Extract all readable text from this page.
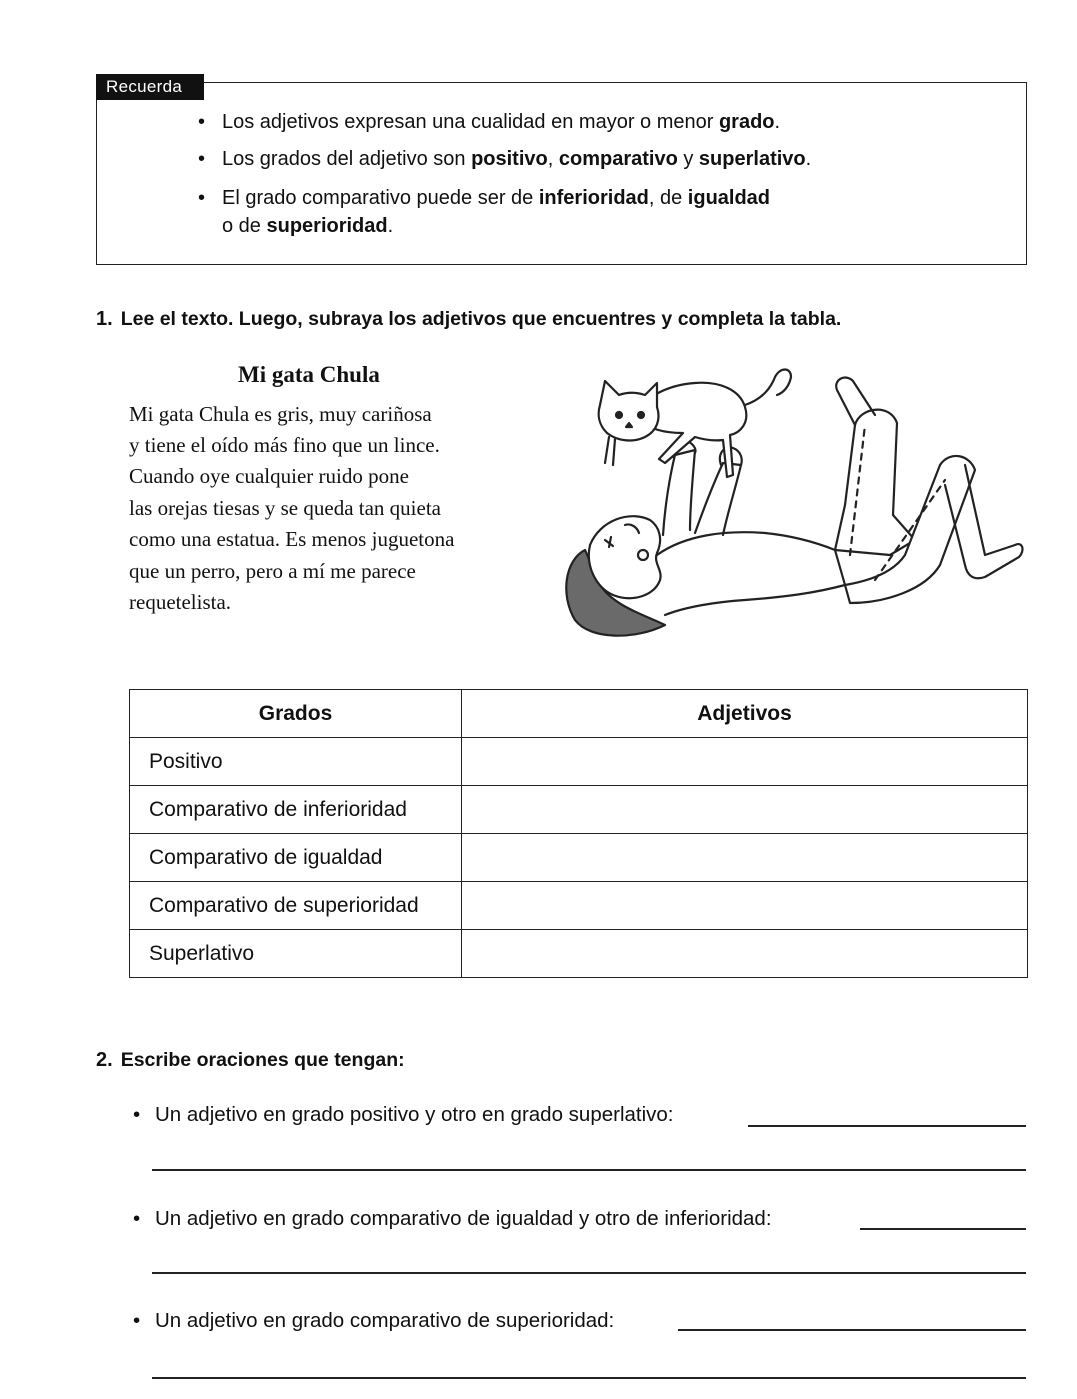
Recuerda
• Los adjetivos expresan una cualidad en mayor o menor grado.
• Los grados del adjetivo son positivo, comparativo y superlativo.
• El grado comparativo puede ser de inferioridad, de igualdad
o de superioridad.
1. Lee el texto. Luego, subraya los adjetivos que encuentres y completa la tabla.
Mi gata Chula
Mi gata Chula es gris, muy cariñosa
y tiene el oído más fino que un lince.
Cuando oye cualquier ruido pone
las orejas tiesas y se queda tan quieta
como una estatua. Es menos juguetona
que un perro, pero a mí me parece
requetelista.
Grados	Adjetivos
Positivo	
Comparativo de inferioridad	
Comparativo de igualdad	
Comparativo de superioridad	
Superlativo	
2. Escribe oraciones que tengan:
• Un adjetivo en grado positivo y otro en grado superlativo:
• Un adjetivo en grado comparativo de igualdad y otro de inferioridad:
• Un adjetivo en grado comparativo de superioridad:
